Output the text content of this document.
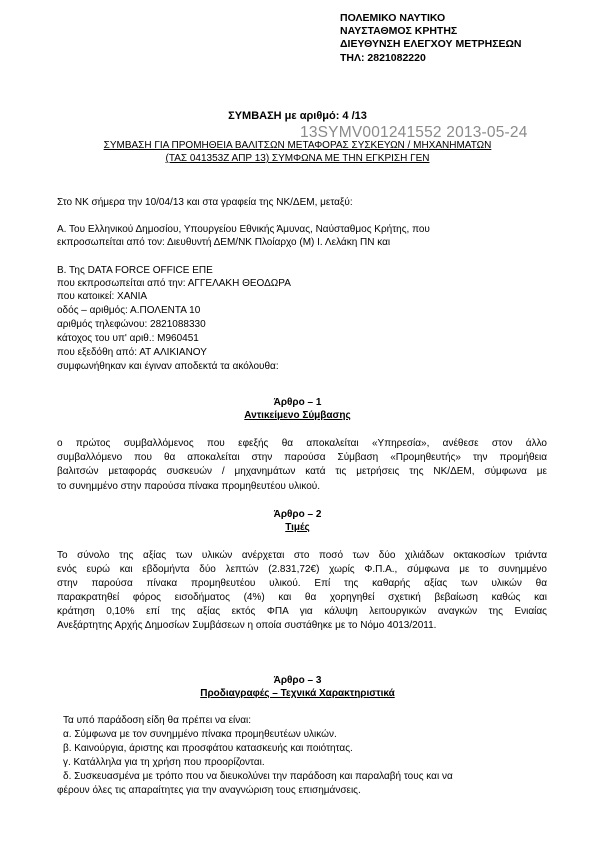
ΠΟΛΕΜΙΚΟ ΝΑΥΤΙΚΟ
ΝΑΥΣΤΑΘΜΟΣ ΚΡΗΤΗΣ
ΔΙΕΥΘΥΝΣΗ ΕΛΕΓΧΟΥ ΜΕΤΡΗΣΕΩΝ
ΤΗΛ: 2821082220
ΣΥΜΒΑΣΗ με αριθμό: 4 /13
13SYMV001241552 2013-05-24
ΣΥΜΒΑΣΗ ΓΙΑ ΠΡΟΜΗΘΕΙΑ ΒΑΛΙΤΣΩΝ ΜΕΤΑΦΟΡΑΣ ΣΥΣΚΕΥΩΝ / ΜΗΧΑΝΗΜΑΤΩΝ
(ΤΑΣ 041353Ζ ΑΠΡ 13) ΣΥΜΦΩΝΑ ΜΕ ΤΗΝ ΕΓΚΡΙΣΗ ΓΕΝ
Στο ΝΚ σήμερα την 10/04/13 και στα γραφεία της ΝΚ/ΔΕΜ, μεταξύ:
Α. Του Ελληνικού Δημοσίου, Υπουργείου Εθνικής Άμυνας, Ναύσταθμος Κρήτης, που
εκπροσωπείται από τον: Διευθυντή ΔΕΜ/ΝΚ Πλοίαρχο (Μ) Ι. Λελάκη ΠΝ και
Β. Της DATA FORCE OFFICE ΕΠΕ
που εκπροσωπείται από την: ΑΓΓΕΛΑΚΗ ΘΕΟΔΩΡΑ
που κατοικεί: ΧΑΝΙΑ
οδός – αριθμός: Α.ΠΟΛΕΝΤΑ 10
αριθμός τηλεφώνου: 2821088330
κάτοχος του υπ' αριθ.: Μ960451
που εξεδόθη από: ΑΤ ΑΛΙΚΙΑΝΟΥ
συμφωνήθηκαν και έγιναν αποδεκτά τα ακόλουθα:
Άρθρο – 1
Αντικείμενο Σύμβασης
ο πρώτος συμβαλλόμενος που εφεξής θα αποκαλείται «Υπηρεσία», ανέθεσε στον άλλο
συμβαλλόμενο που θα αποκαλείται στην παρούσα Σύμβαση «Προμηθευτής» την προμήθεια
βαλιτσών μεταφοράς συσκευών / μηχανημάτων κατά τις μετρήσεις της ΝΚ/ΔΕΜ, σύμφωνα με
το συνημμένο στην παρούσα πίνακα προμηθευτέου υλικού.
Άρθρο – 2
Τιμές
Το σύνολο της αξίας των υλικών ανέρχεται στο ποσό των δύο χιλιάδων οκτακοσίων τριάντα
ενός ευρώ και εβδομήντα δύο λεπτών (2.831,72€) χωρίς Φ.Π.Α., σύμφωνα με το συνημμένο
στην παρούσα πίνακα προμηθευτέου υλικού. Επί της καθαρής αξίας των υλικών θα
παρακρατηθεί φόρος εισοδήματος (4%) και θα χορηγηθεί σχετική βεβαίωση καθώς και
κράτηση 0,10% επί της αξίας εκτός ΦΠΑ για κάλυψη λειτουργικών αναγκών της Ενιαίας
Ανεξάρτητης Αρχής Δημοσίων Συμβάσεων η οποία συστάθηκε με το Νόμο 4013/2011.
Άρθρο – 3
Προδιαγραφές – Τεχνικά Χαρακτηριστικά
Τα υπό παράδοση είδη θα πρέπει να είναι:
α. Σύμφωνα με τον συνημμένο πίνακα προμηθευτέων υλικών.
β. Καινούργια, άριστης και προσφάτου κατασκευής και ποιότητας.
γ. Κατάλληλα για τη χρήση που προορίζονται.
δ. Συσκευασμένα με τρόπο που να διευκολύνει την παράδοση και παραλαβή τους και να
φέρουν όλες τις απαραίτητες για την αναγνώριση τους επισημάνσεις.
